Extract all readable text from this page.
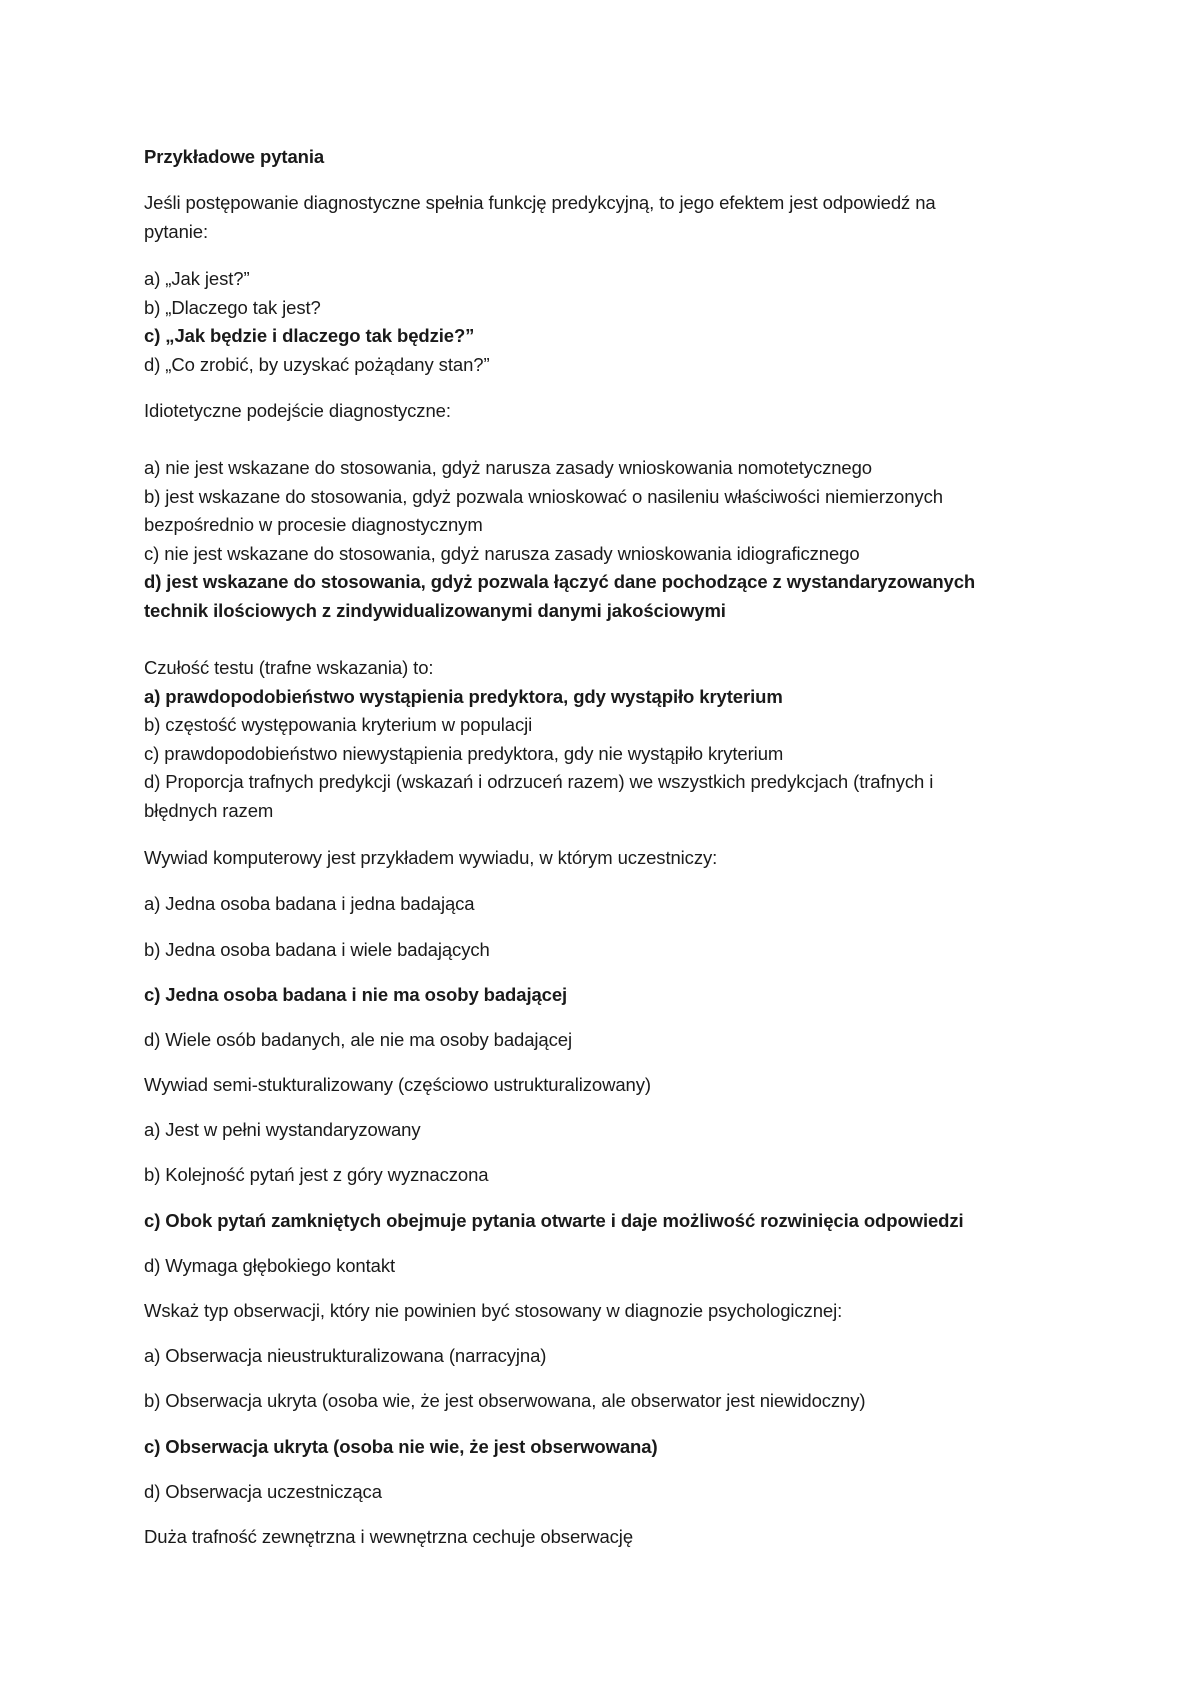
Przykładowe pytania
Jeśli postępowanie diagnostyczne spełnia funkcję predykcyjną, to jego efektem jest odpowiedź na
pytanie:
a) „Jak jest?”
b) „Dlaczego tak jest?
c) „Jak będzie i dlaczego tak będzie?”
d) „Co zrobić, by uzyskać pożądany stan?”
Idiotetyczne podejście diagnostyczne:
a) nie jest wskazane do stosowania, gdyż narusza zasady wnioskowania nomotetycznego
b) jest wskazane do stosowania, gdyż pozwala wnioskować o nasileniu właściwości niemierzonych
bezpośrednio w procesie diagnostycznym
c) nie jest wskazane do stosowania, gdyż narusza zasady wnioskowania idiograficznego
d) jest wskazane do stosowania, gdyż pozwala łączyć dane pochodzące z wystandaryzowanych
technik ilościowych z zindywidualizowanymi danymi jakościowymi
Czułość testu (trafne wskazania) to:
a) prawdopodobieństwo wystąpienia predyktora, gdy wystąpiło kryterium
b) częstość występowania kryterium w populacji
c) prawdopodobieństwo niewystąpienia predyktora, gdy nie wystąpiło kryterium
d) Proporcja trafnych predykcji (wskazań i odrzuceń razem) we wszystkich predykcjach (trafnych i
błędnych razem
Wywiad komputerowy jest przykładem wywiadu, w którym uczestniczy:
a) Jedna osoba badana i jedna badająca
b) Jedna osoba badana i wiele badających
c) Jedna osoba badana i nie ma osoby badającej
d) Wiele osób badanych, ale nie ma osoby badającej
Wywiad semi-stukturalizowany (częściowo ustrukturalizowany)
a) Jest w pełni wystandaryzowany
b) Kolejność pytań jest z góry wyznaczona
c) Obok pytań zamkniętych obejmuje pytania otwarte i daje możliwość rozwinięcia odpowiedzi
d) Wymaga głębokiego kontakt
Wskaż typ obserwacji, który nie powinien być stosowany w diagnozie psychologicznej:
a) Obserwacja nieustrukturalizowana (narracyjna)
b) Obserwacja ukryta (osoba wie, że jest obserwowana, ale obserwator jest niewidoczny)
c) Obserwacja ukryta (osoba nie wie, że jest obserwowana)
d) Obserwacja uczestnicząca
Duża trafność zewnętrzna i wewnętrzna cechuje obserwację
